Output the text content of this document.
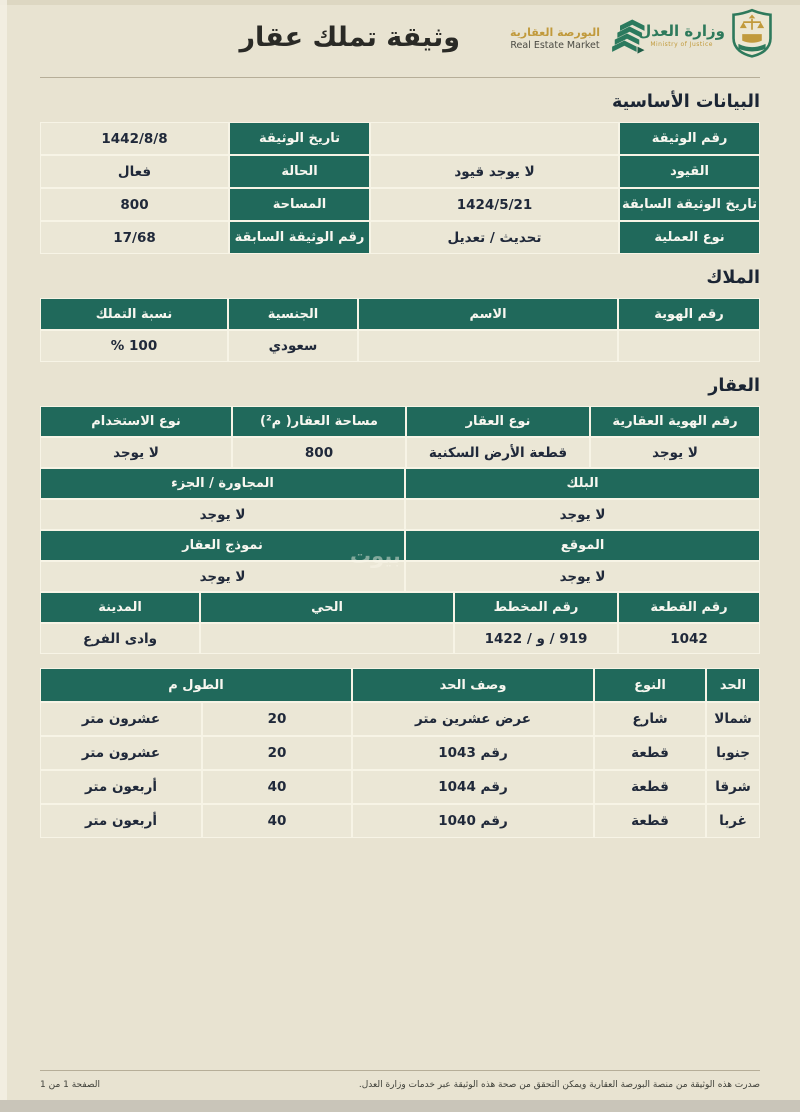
وثيقة تملك عقار	البورصة العقارية
Real Estate Market
وزارة العدل
Ministry of Justice
البيانات الأساسية
رقم الوثيقة
تاريخ الوثيقة
1442/8/8
القيود
لا يوجد قيود
الحالة
فعال
تاريخ الوثيقة السابقة
1424/5/21
المساحة
800
نوع العملية
تحديث / تعديل
رقم الوثيقة السابقة
17/68
الملاك
رقم الهوية
الاسم
الجنسية
نسبة التملك
سعودي
100 %
العقار
رقم الهوية العقارية
نوع العقار
مساحة العقار( م²)
نوع الاستخدام
لا يوجد
قطعة الأرض السكنية
800
لا يوجد
البلك
المجاورة / الجزء
لا يوجد
لا يوجد
الموقع
نموذج العقار
لا يوجد
لا يوجد
رقم القطعة
رقم المخطط
الحي
المدينة
1042
919 / و / 1422
وادى الفرع
الحد
النوع
وصف الحد
الطول م
شمالا
شارع
عرض عشرين متر
20
عشرون متر
جنوبا
قطعة
رقم 1043
20
عشرون متر
شرقا
قطعة
رقم 1044
40
أربعون متر
غربا
قطعة
رقم 1040
40
أربعون متر
بيوت
صدرت هذه الوثيقة من منصة البورصة العقارية ويمكن التحقق من صحة هذه الوثيقة عبر خدمات وزارة العدل.
الصفحة 1 من 1
